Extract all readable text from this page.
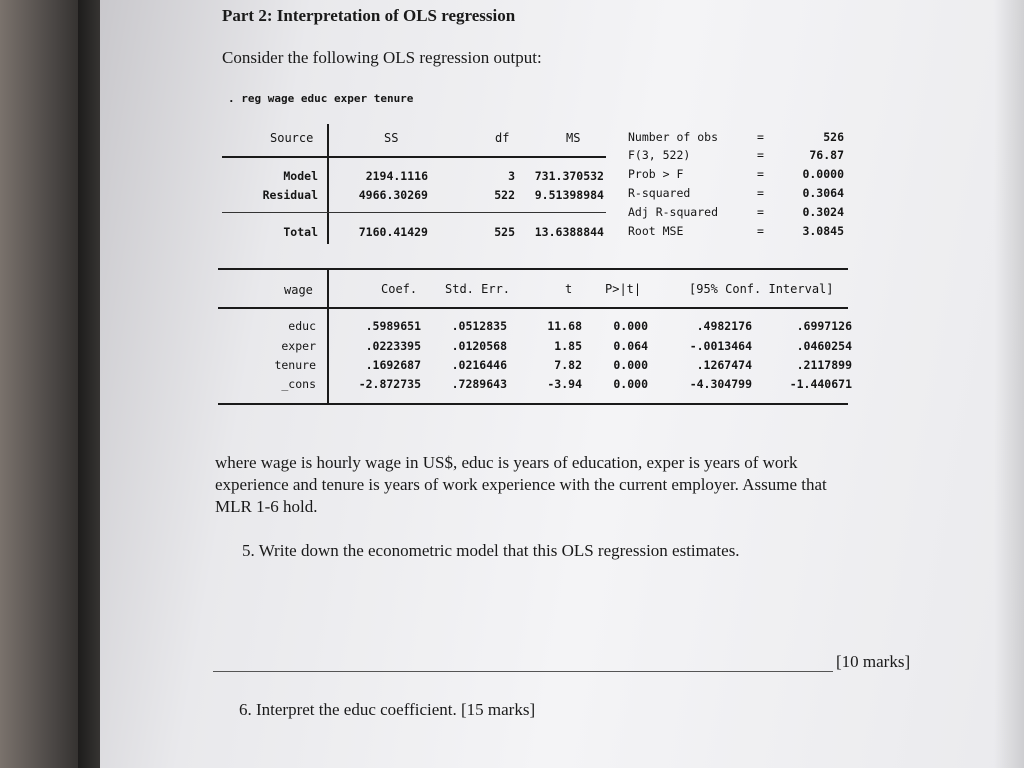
Part 2: Interpretation of OLS regression
Consider the following OLS regression output:
. reg wage educ exper tenure
Source	SS	df	MS
Model	2194.1116	3	731.370532
Residual	4966.30269	522	9.51398984
Total	7160.41429	525	13.6388844
Number of obs	=	526
F(3, 522)	=	76.87
Prob > F	=	0.0000
R-squared	=	0.3064
Adj R-squared	=	0.3024
Root MSE	=	3.0845
wage	Coef. Std. Err.	t	P>|t|	[95% Conf. Interval]
educ	.5989651	.0512835	11.68	0.000	.4982176	.6997126
exper	.0223395	.0120568	1.85	0.064	-.0013464	.0460254
tenure	.1692687	.0216446	7.82	0.000	.1267474	.2117899
_cons	-2.872735	.7289643	-3.94	0.000	-4.304799	-1.440671
where wage is hourly wage in US$, educ is years of education, exper is years of work
experience and tenure is years of work experience with the current employer. Assume that
MLR 1-6 hold.
5. Write down the econometric model that this OLS regression estimates.
[10 marks]
6. Interpret the educ coefficient. [15 marks]
